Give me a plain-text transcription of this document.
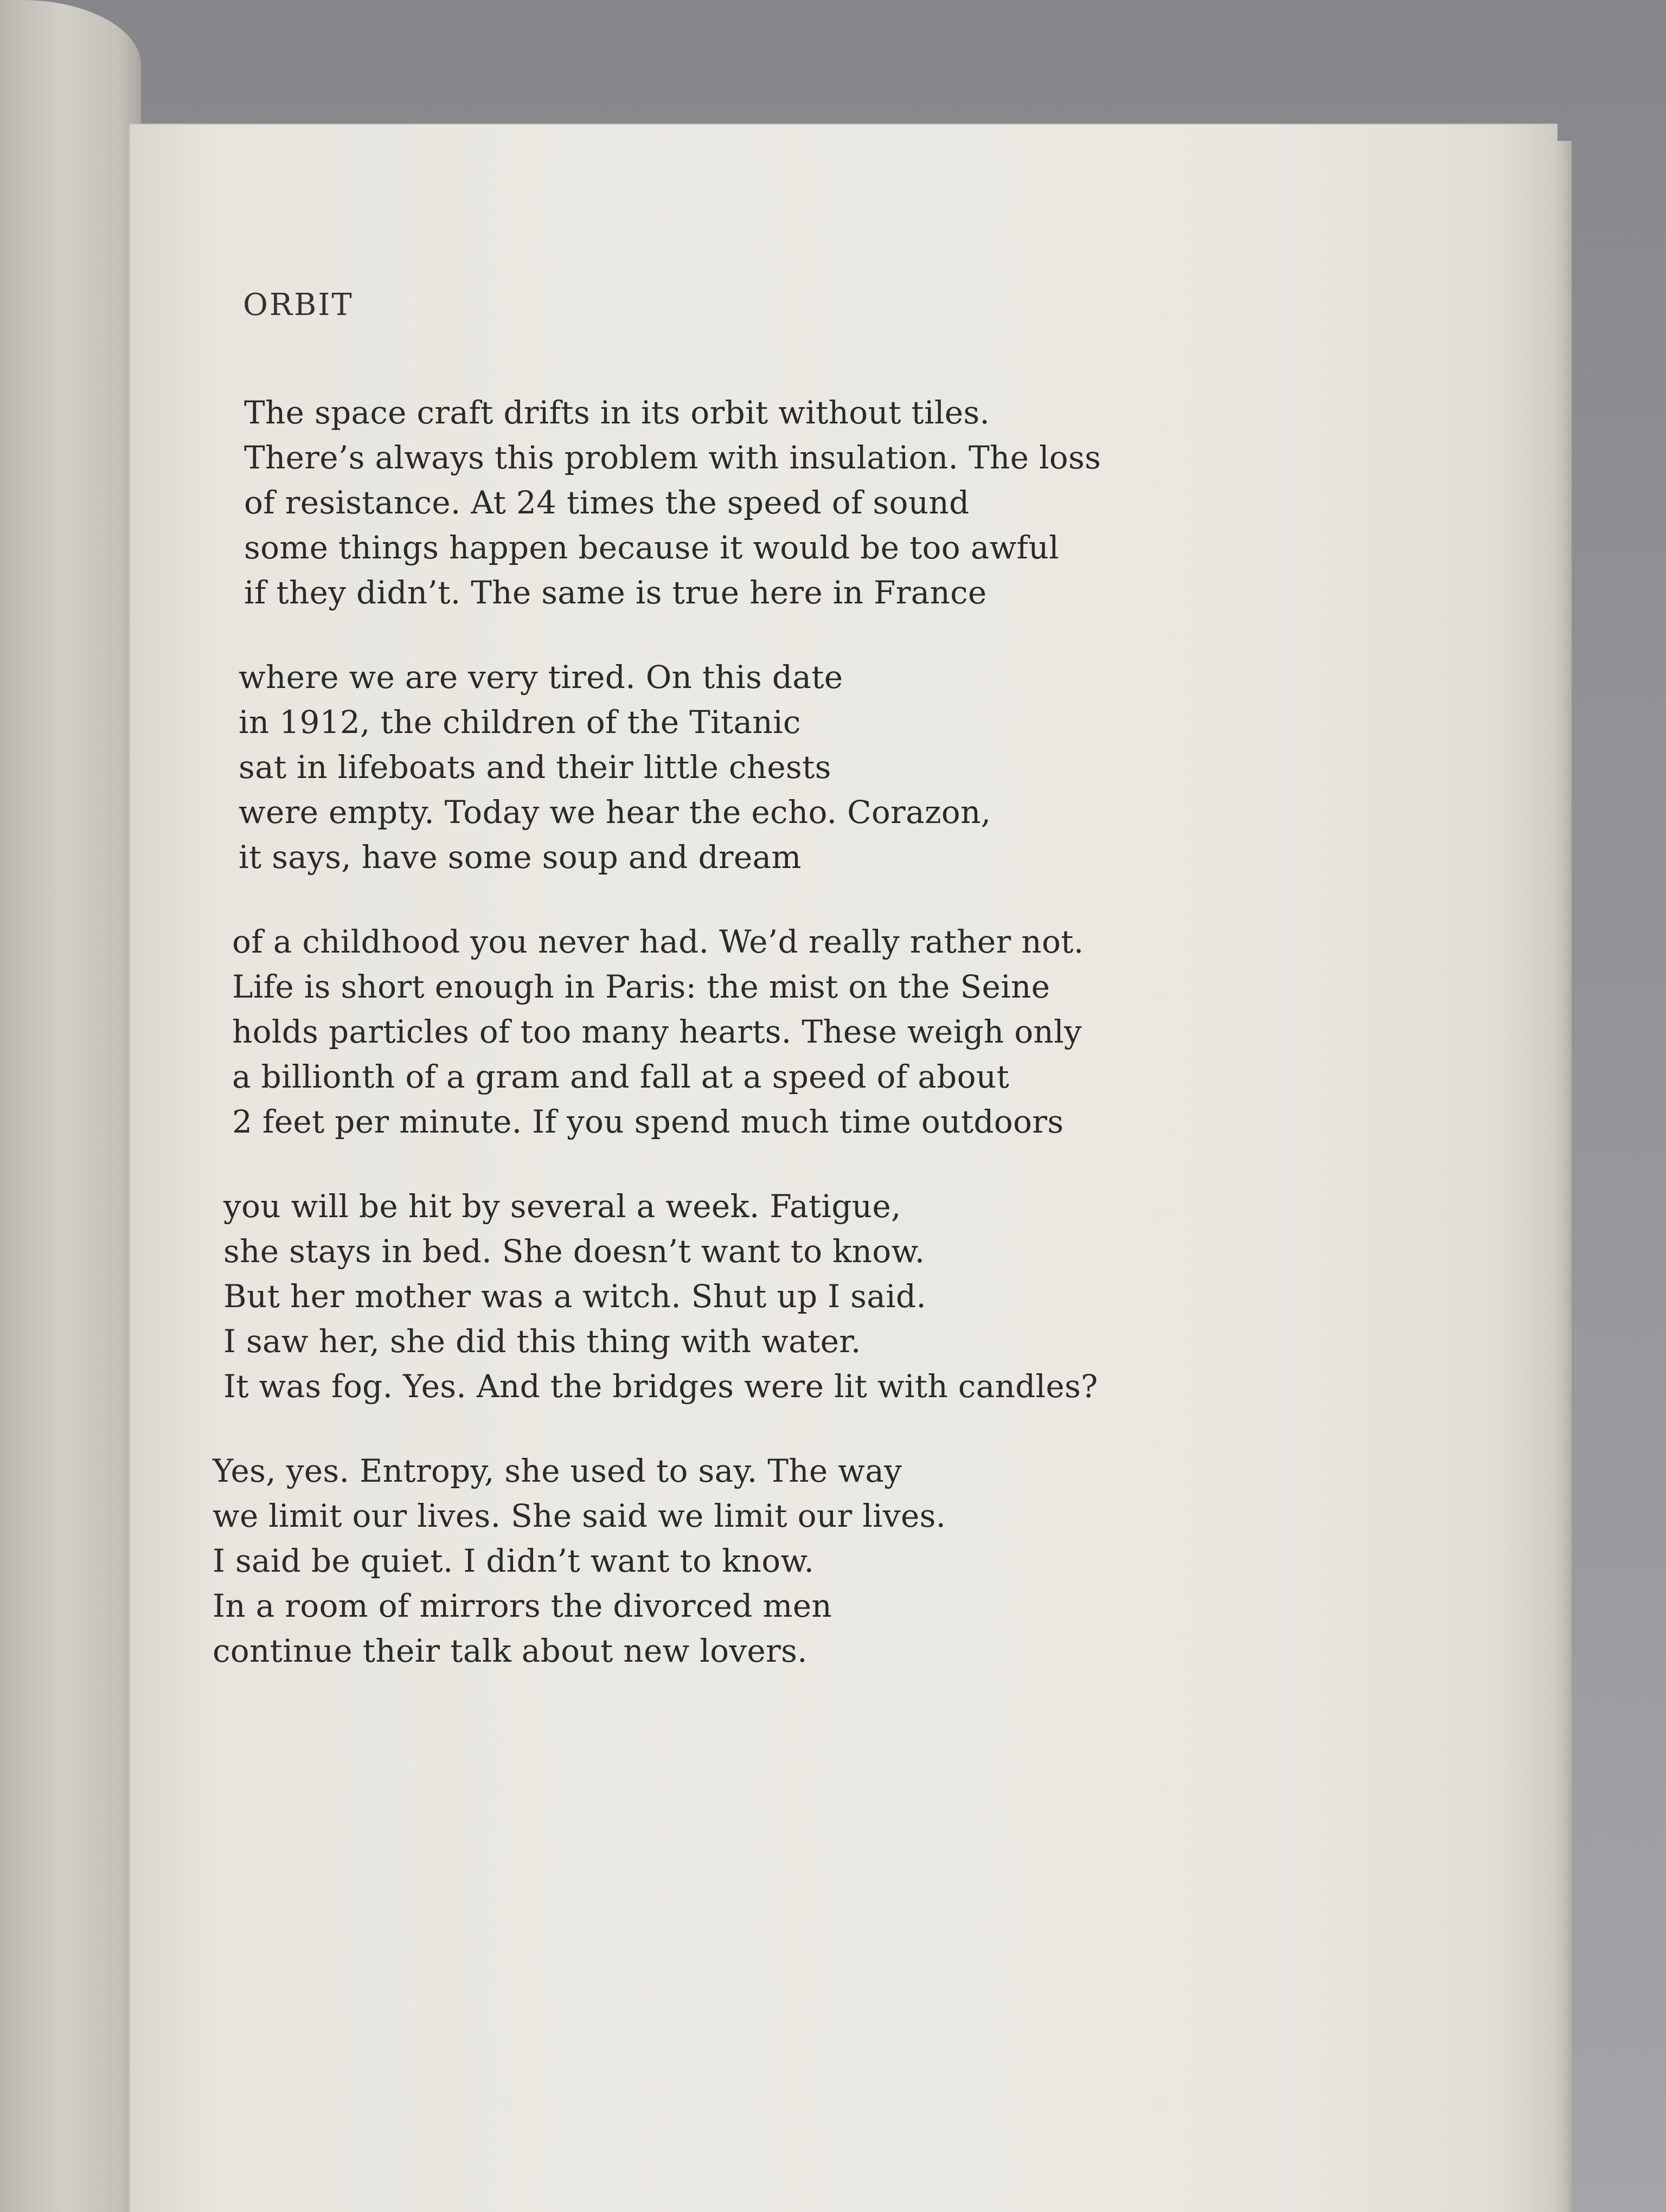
ORBIT
The space craft drifts in its orbit without tiles.
There’s always this problem with insulation. The loss
of resistance. At 24 times the speed of sound
some things happen because it would be too awful
if they didn’t. The same is true here in France
where we are very tired. On this date
in 1912, the children of the Titanic
sat in lifeboats and their little chests
were empty. Today we hear the echo. Corazon,
it says, have some soup and dream
of a childhood you never had. We’d really rather not.
Life is short enough in Paris: the mist on the Seine
holds particles of too many hearts. These weigh only
a billionth of a gram and fall at a speed of about
2 feet per minute. If you spend much time outdoors
you will be hit by several a week. Fatigue,
she stays in bed. She doesn’t want to know.
But her mother was a witch. Shut up I said.
I saw her, she did this thing with water.
It was fog. Yes. And the bridges were lit with candles?
Yes, yes. Entropy, she used to say. The way
we limit our lives. She said we limit our lives.
I said be quiet. I didn’t want to know.
In a room of mirrors the divorced men
continue their talk about new lovers.
